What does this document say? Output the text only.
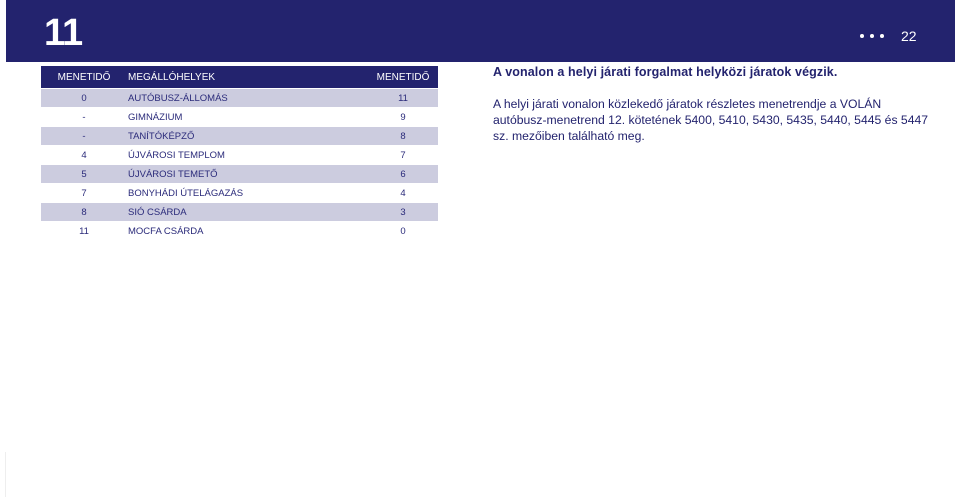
11	22
MENETIDŐ	MEGÁLLÓHELYEK	MENETIDŐ
0	AUTÓBUSZ-ÁLLOMÁS	11
-	GIMNÁZIUM	9
-	TANÍTÓKÉPZŐ	8
4	ÚJVÁROSI TEMPLOM	7
5	ÚJVÁROSI TEMETŐ	6
7	BONYHÁDI ÚTELÁGAZÁS	4
8	SIÓ CSÁRDA	3
11	MOCFA CSÁRDA	0
A vonalon a helyi járati forgalmat helyközi járatok végzik.
A helyi járati vonalon közlekedő járatok részletes menetrendje a VOLÁN autóbusz-menetrend 12. kötetének 5400, 5410, 5430, 5435, 5440, 5445 és 5447 sz. mezőiben található meg.
